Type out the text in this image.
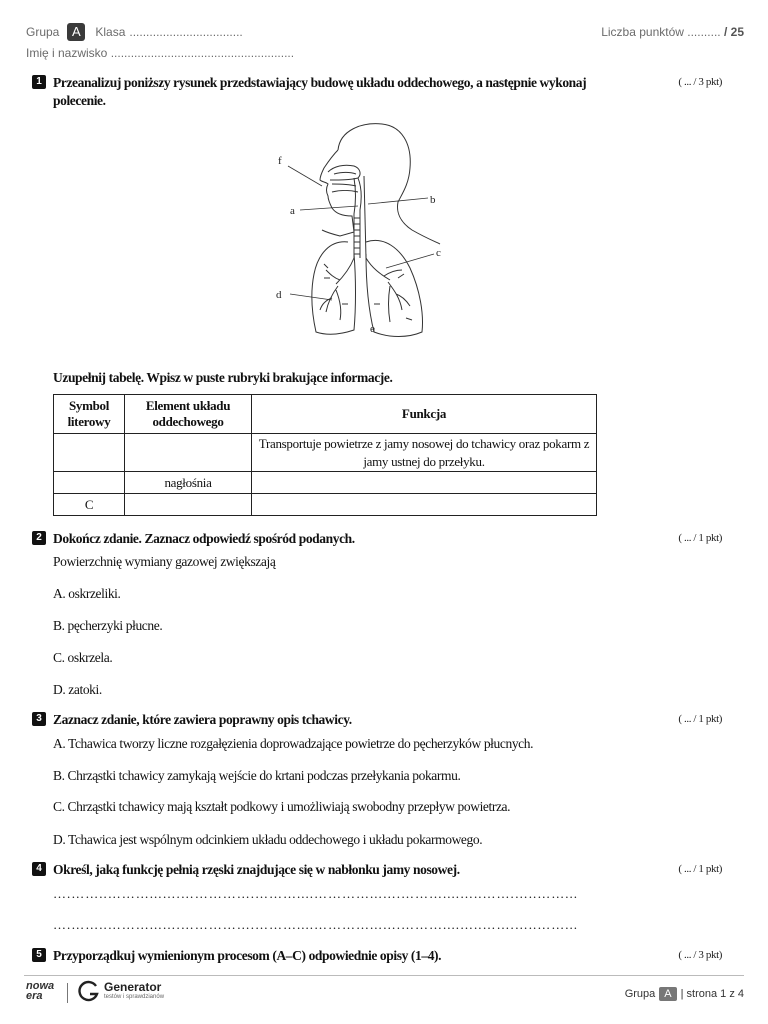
Grupa A	Klasa ..................................	Liczba punktów .......... / 25
Imię i nazwisko .......................................................
1 Przeanalizuj poniższy rysunek przedstawiający budowę układu oddechowego, a następnie wykonaj polecenie.
( ... / 3 pkt)
f
a
b
c
d
e
Uzupełnij tabelę. Wpisz w puste rubryki brakujące informacje.
Symbol literowy	Element układu oddechowego	Funkcja
		Transportuje powietrze z jamy nosowej do tchawicy oraz pokarm z jamy ustnej do przełyku.
	nagłośnia	
C		
2 Dokończ zdanie. Zaznacz odpowiedź spośród podanych.	( ... / 1 pkt)
Powierzchnię wymiany gazowej zwiększają
A. oskrzeliki.
B. pęcherzyki płucne.
C. oskrzela.
D. zatoki.
3 Zaznacz zdanie, które zawiera poprawny opis tchawicy.	( ... / 1 pkt)
A. Tchawica tworzy liczne rozgałęzienia doprowadzające powietrze do pęcherzyków płucnych.
B. Chrząstki tchawicy zamykają wejście do krtani podczas przełykania pokarmu.
C. Chrząstki tchawicy mają kształt podkowy i umożliwiają swobodny przepływ powietrza.
D. Tchawica jest wspólnym odcinkiem układu oddechowego i układu pokarmowego.
4 Określ, jaką funkcję pełnią rzęski znajdujące się w nabłonku jamy nosowej.	( ... / 1 pkt)
….……..………...….…………….………....…………...….………....…..…….…..……...
….……..………...….…………….………....…………...….………....…..…….…..……...
5 Przyporządkuj wymienionym procesom (A–C) odpowiednie opisy (1–4).	( ... / 3 pkt)
nowa
era
Generator
testów i sprawdzianów	Grupa A | strona 1 z 4
